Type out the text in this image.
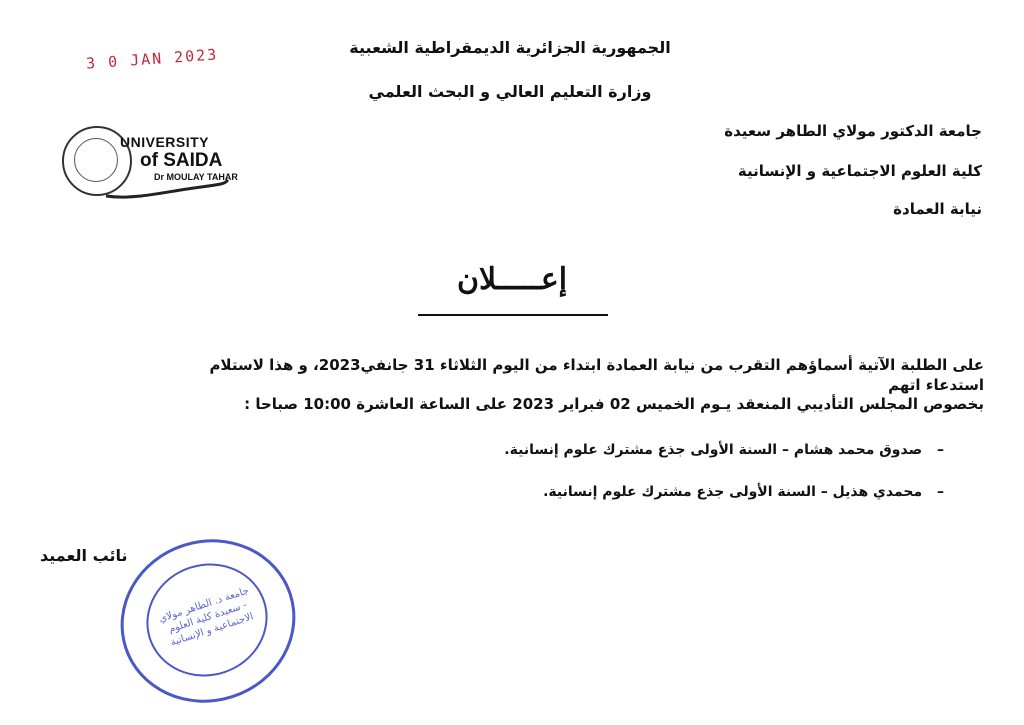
الجمهورية الجزائرية الديمقراطية الشعبية
وزارة التعليم العالي و البحث العلمي
جامعة الدكتور مولاي الطاهر سعيدة
كلية العلوم الاجتماعية و الإنسانية
نيابة العمادة
3 0 JAN 2023
UNIVERSITY
of SAIDA
Dr MOULAY TAHAR
إعـــــلان
على الطلبة الآتية أسماؤهم التقرب من نيابة العمادة ابتداء من اليوم الثلاثاء 31 جانفي2023، و هذا لاستلام استدعاء اتهم
بخصوص المجلس التأديبي المنعقد يـوم الخميس 02 فبراير 2023 على الساعة العاشرة 10:00 صباحا :
– صدوق محمد هشام – السنة الأولى جذع مشترك علوم إنسانية.
– محمدي هذيل – السنة الأولى جذع مشترك علوم إنسانية.
نائب العميد
جامعة د. الطاهر مولاي - سعيدة كلية العلوم الاجتماعية و الإنسانية
